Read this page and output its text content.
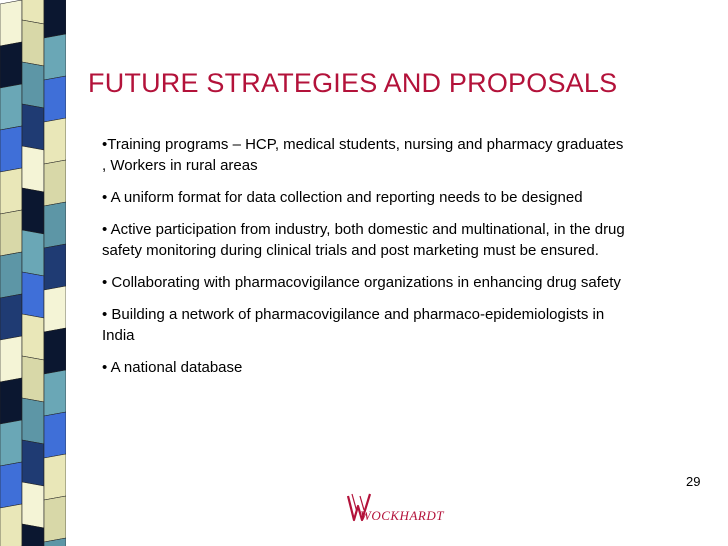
FUTURE STRATEGIES AND PROPOSALS
•Training programs – HCP, medical students, nursing and pharmacy graduates , Workers in rural areas
• A uniform format for data collection and reporting needs to be designed
• Active participation from industry, both domestic and multinational, in the drug safety monitoring during clinical trials and post marketing must be ensured.
• Collaborating with pharmacovigilance organizations in enhancing drug safety
• Building a network of pharmacovigilance and pharmaco-epidemiologists in India
• A national database
WOCKHARDT
29
